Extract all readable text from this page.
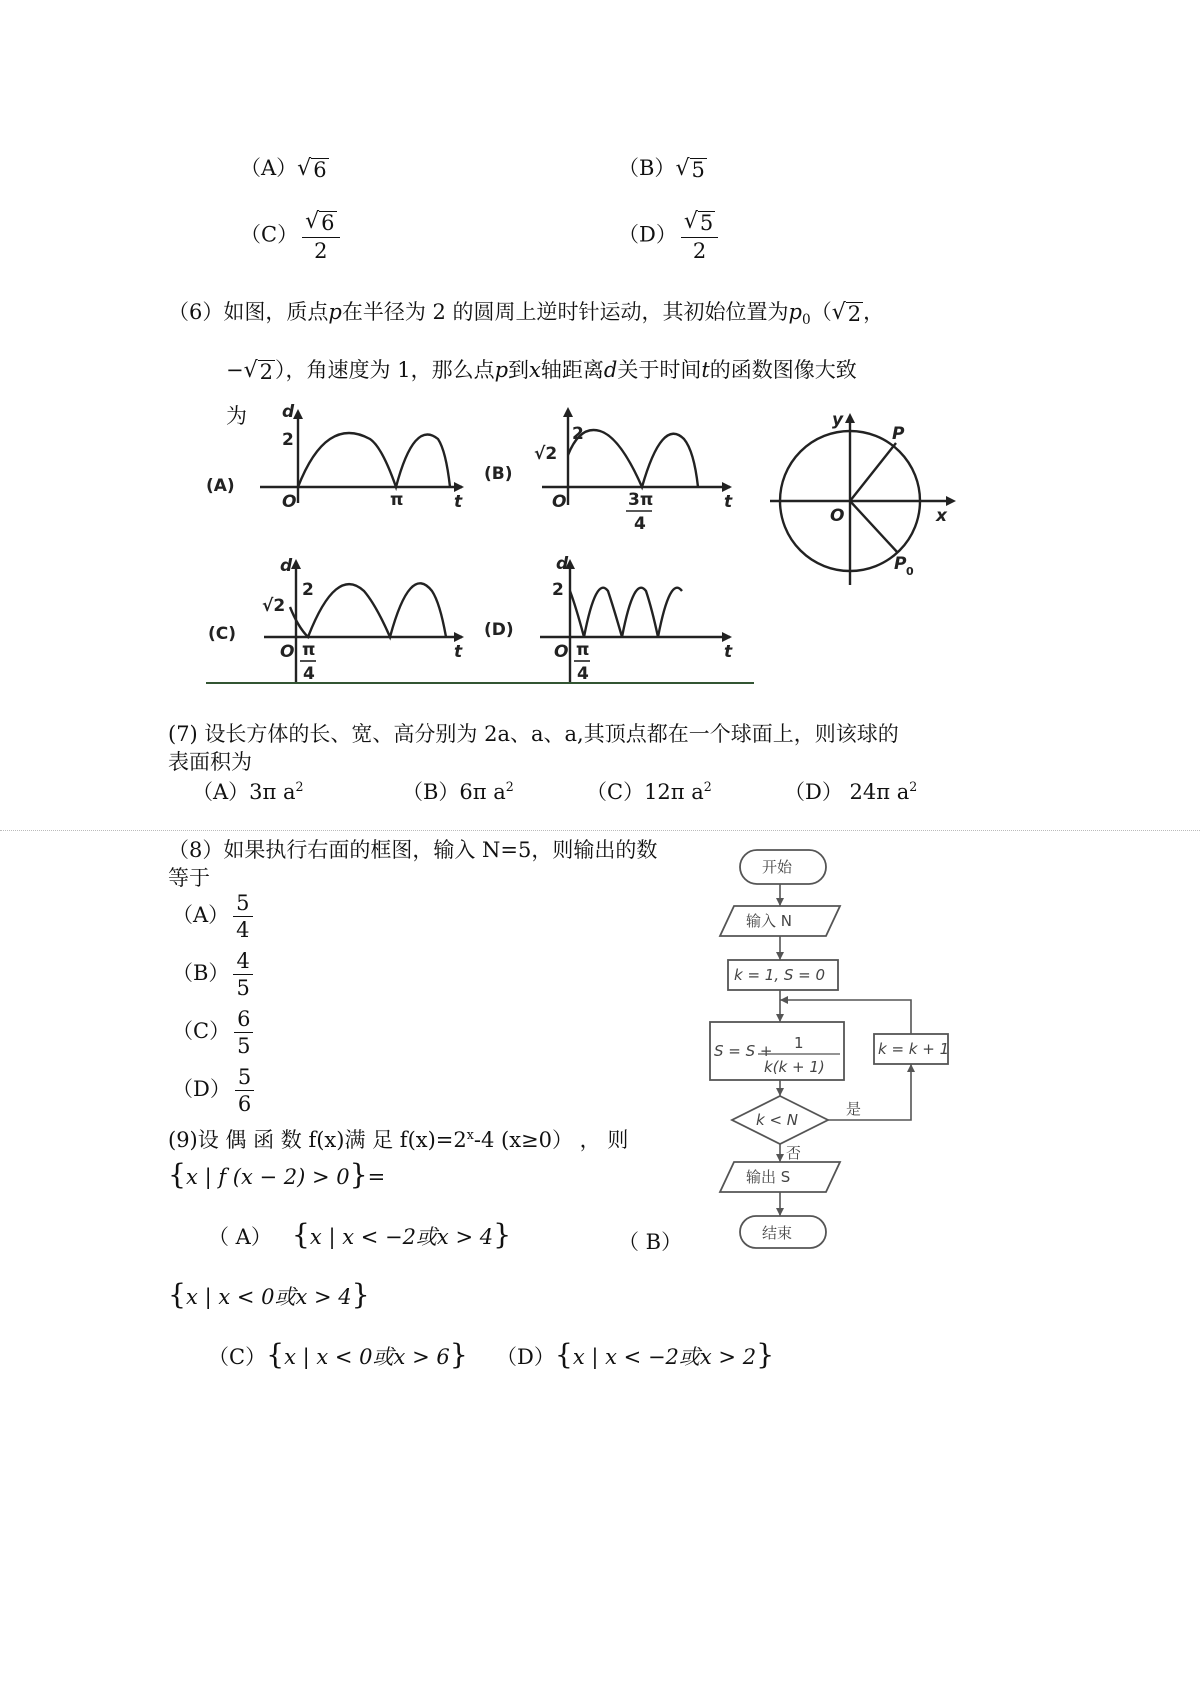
（A） √ 6	（B） √ 5
$(C) \frac{√ 6}{2}$	$(D) \frac{√ 5}{2}$
（6）如图，质点p在半径为 2 的圆周上逆时针运动，其初始位置为$p_0$（ √ 2 ，
− √ 2 ），角速度为 1，那么点p到x轴距离d关于时间t的函数图像大致
为
(A)
d
2
O	π	t
(B)
2
√2
O	3π
4
t
(C)
d
2
√2
O π
4
t
(D)
d
2
O π
4
t
y
x
O
P
P 0
(7) 设长方体的长、宽、高分别为 2a、a、a,其顶点都在一个球面上，则该球的
表面积为
（A）3π $a^2$	（B）6π $a^2$	（C）12π $a^2$	（D） 24π $a^2$
（8）如果执行右面的框图，输入 N=5，则输出的数
等于
$(A) \frac{5}{4}$
$(B) \frac{4}{5}$
$(C) \frac{6}{5}$
$(D) \frac{5}{6}$
开始
输入 N
k = 1, S = 0
S = S + 1
k(k + 1)
k = k + 1
k < N
是
否
输出 S
结束
(9)设 偶 函 数 f(x)满 足 $f(x)=2^x-4$ (x≥0） ， 则
{x | f (x − 2) > 0}=
（ A） {x | x < −2或x > 4}	（ B）
{x | x < 0或x > 4}
（C）{x | x < 0或x > 6} （D）{x | x < −2或x > 2}
